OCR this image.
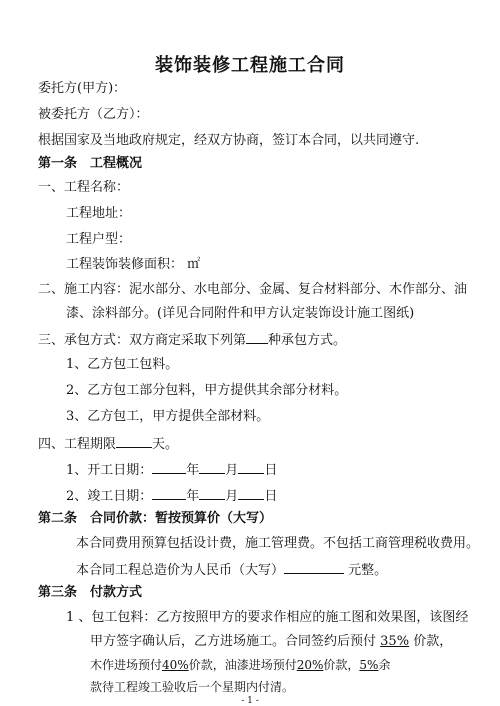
装饰装修工程施工合同
委托方(甲方)：
被委托方（乙方）：
根据国家及当地政府规定，经双方协商，签订本合同，以共同遵守.
第一条　工程概况
一、工程名称：
工程地址：
工程户型：
工程装饰装修面积： ㎡
二、施工内容：泥水部分、水电部分、金属、复合材料部分、木作部分、油
漆、涂料部分。(详见合同附件和甲方认定装饰设计施工图纸)
三、承包方式：双方商定采取下列第 种承包方式。
1、乙方包工包料。
2、乙方包工部分包料，甲方提供其余部分材料。
3、乙方包工，甲方提供全部材料。
四、工程期限	天。
1、开工日期：	年 月 日
2、竣工日期：	年 月 日
第二条　合同价款：暂按预算价（大写）
本合同费用预算包括设计费，施工管理费。不包括工商管理税收费用。
本合同工程总造价为人民币（大写）	元整。
第三条　付款方式
1 、包工包料：乙方按照甲方的要求作相应的施工图和效果图，该图经
甲方签字确认后，乙方进场施工。合同签约后预付 35% 价款，
木作进场预付40%价款，油漆进场预付20%价款，5%余
款待工程竣工验收后一个星期内付清。
- 1 -
